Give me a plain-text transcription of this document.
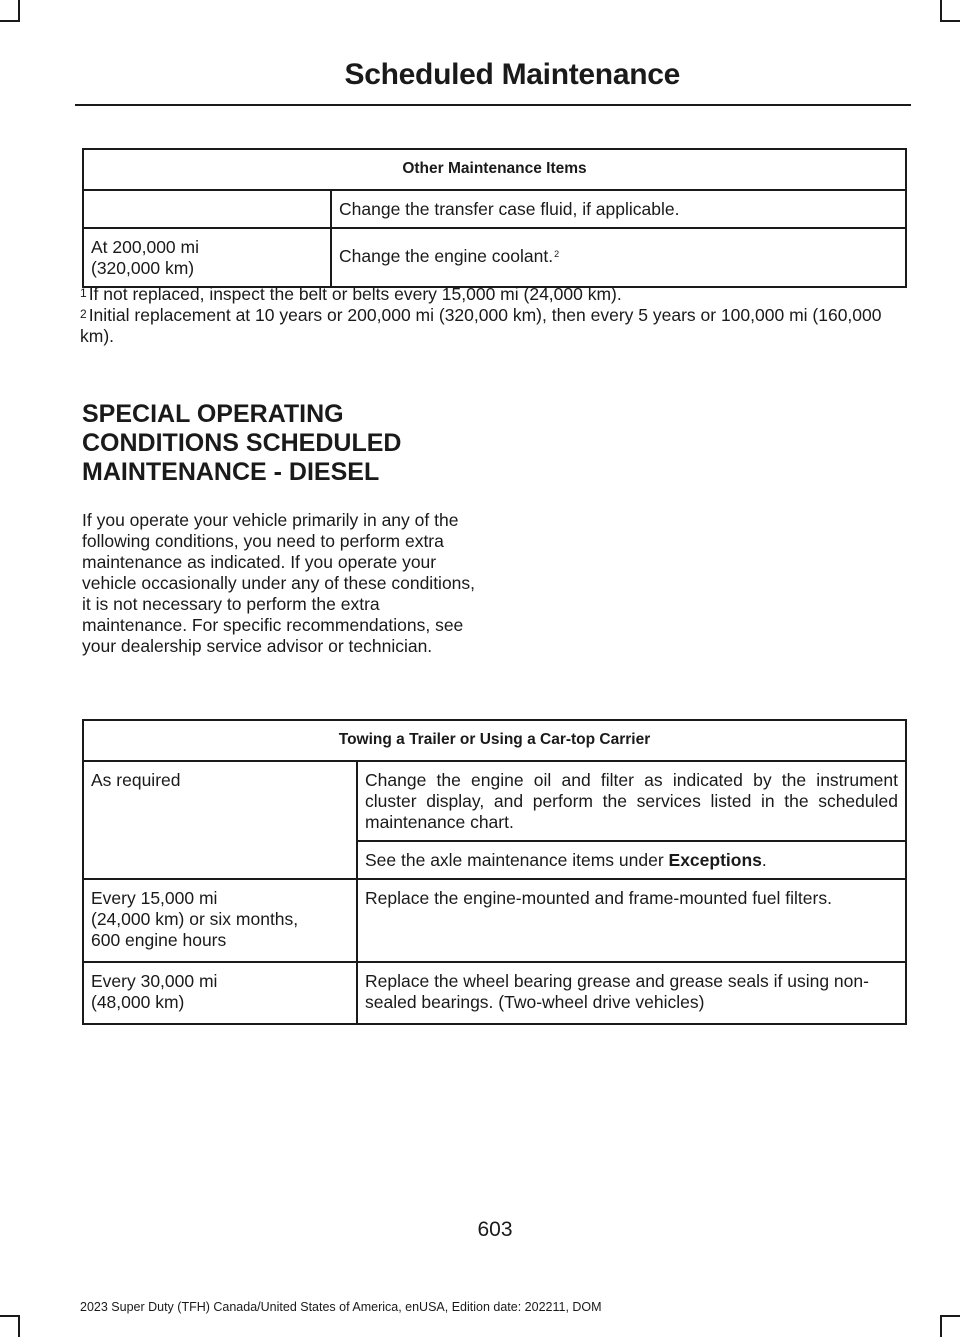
Scheduled Maintenance
Other Maintenance Items	
	Change the transfer case fluid, if applicable.
At 200,000 mi
(320,000 km)	Change the engine coolant.$^2$

$^1$ If not replaced, inspect the belt or belts every 15,000 mi (24,000 km).

$^2$ Initial replacement at 10 years or 200,000 mi (320,000 km), then every 5 years or 100,000 mi (160,000 km).

SPECIAL OPERATING
CONDITIONS SCHEDULED
MAINTENANCE - DIESEL
If you operate your vehicle primarily in any of the following conditions, you need to perform extra maintenance as indicated. If you operate your vehicle occasionally under any of these conditions, it is not necessary to perform the extra maintenance. For specific recommendations, see your dealership service advisor or technician.
Towing a Trailer or Using a Car-top Carrier	
As required	Change the engine oil and filter as indicated by the instrument cluster display, and perform the services listed in the scheduled maintenance chart.
	See the axle maintenance items under Exceptions.
Every 15,000 mi
(24,000 km) or six months,
600 engine hours	Replace the engine-mounted and frame-mounted fuel filters.
Every 30,000 mi
(48,000 km)	Replace the wheel bearing grease and grease seals if using non-sealed bearings. (Two-wheel drive vehicles)
603
2023 Super Duty (TFH) Canada/United States of America, enUSA, Edition date: 202211, DOM
